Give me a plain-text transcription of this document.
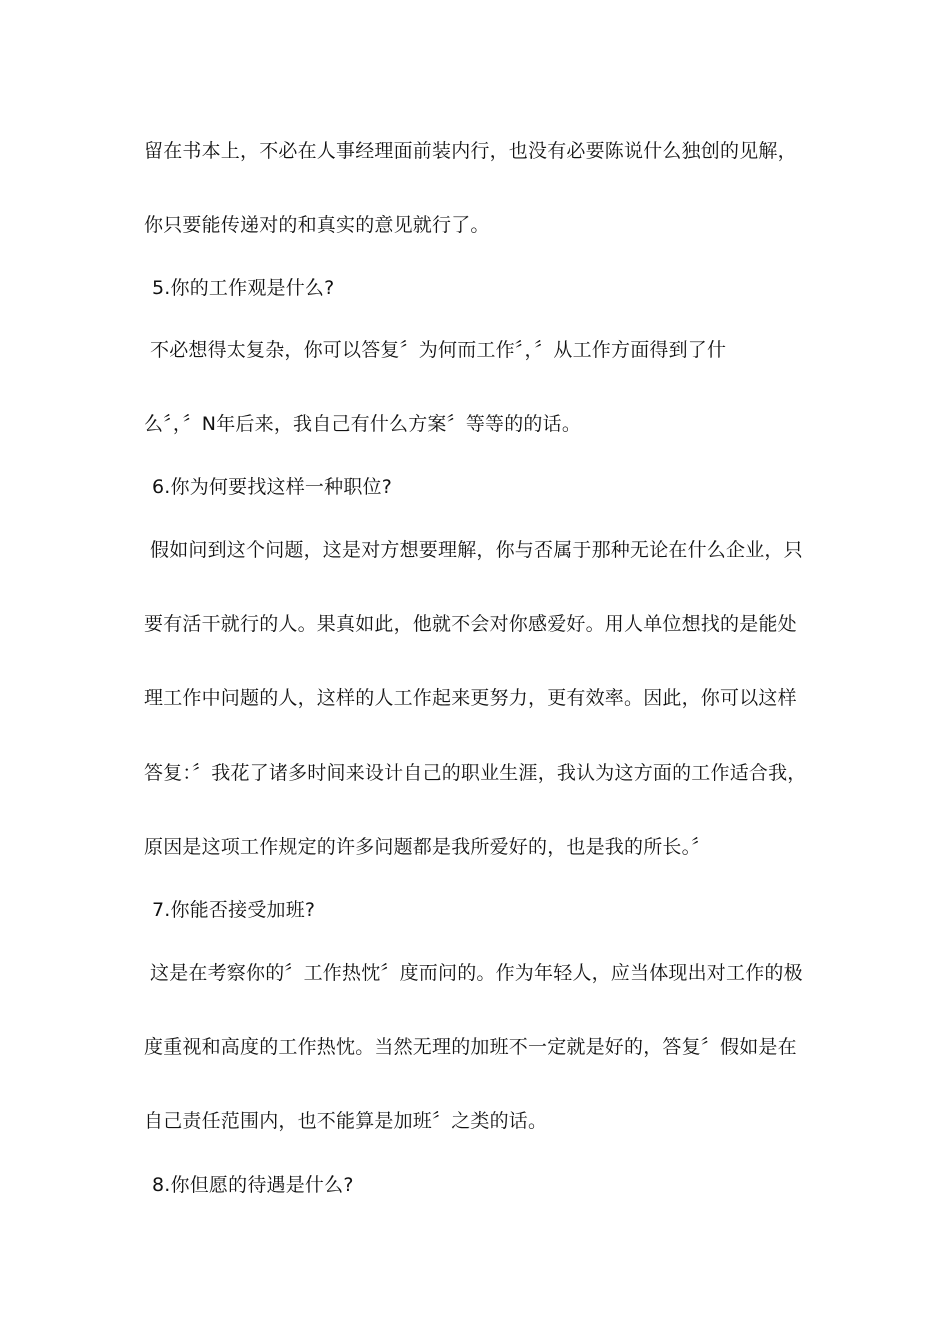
留在书本上，不必在人事经理面前装内行，也没有必要陈说什么独创的见解，
你只要能传递对的和真实的意见就行了。
5.你的工作观是什么?
不必想得太复杂，你可以答复〞为何而工作〞，〞从工作方面得到了什
么〞，〞N年后来，我自己有什么方案〞等等的的话。
6.你为何要找这样一种职位?
假如问到这个问题，这是对方想要理解，你与否属于那种无论在什么企业，只
要有活干就行的人。果真如此，他就不会对你感爱好。用人单位想找的是能处
理工作中问题的人，这样的人工作起来更努力，更有效率。因此，你可以这样
答复：〞我花了诸多时间来设计自己的职业生涯，我认为这方面的工作适合我，
原因是这项工作规定的许多问题都是我所爱好的，也是我的所长。〞
7.你能否接受加班?
这是在考察你的〞工作热忱〞度而问的。作为年轻人，应当体现出对工作的极
度重视和高度的工作热忱。当然无理的加班不一定就是好的，答复〞假如是在
自己责任范围内，也不能算是加班〞之类的话。
8.你但愿的待遇是什么?
